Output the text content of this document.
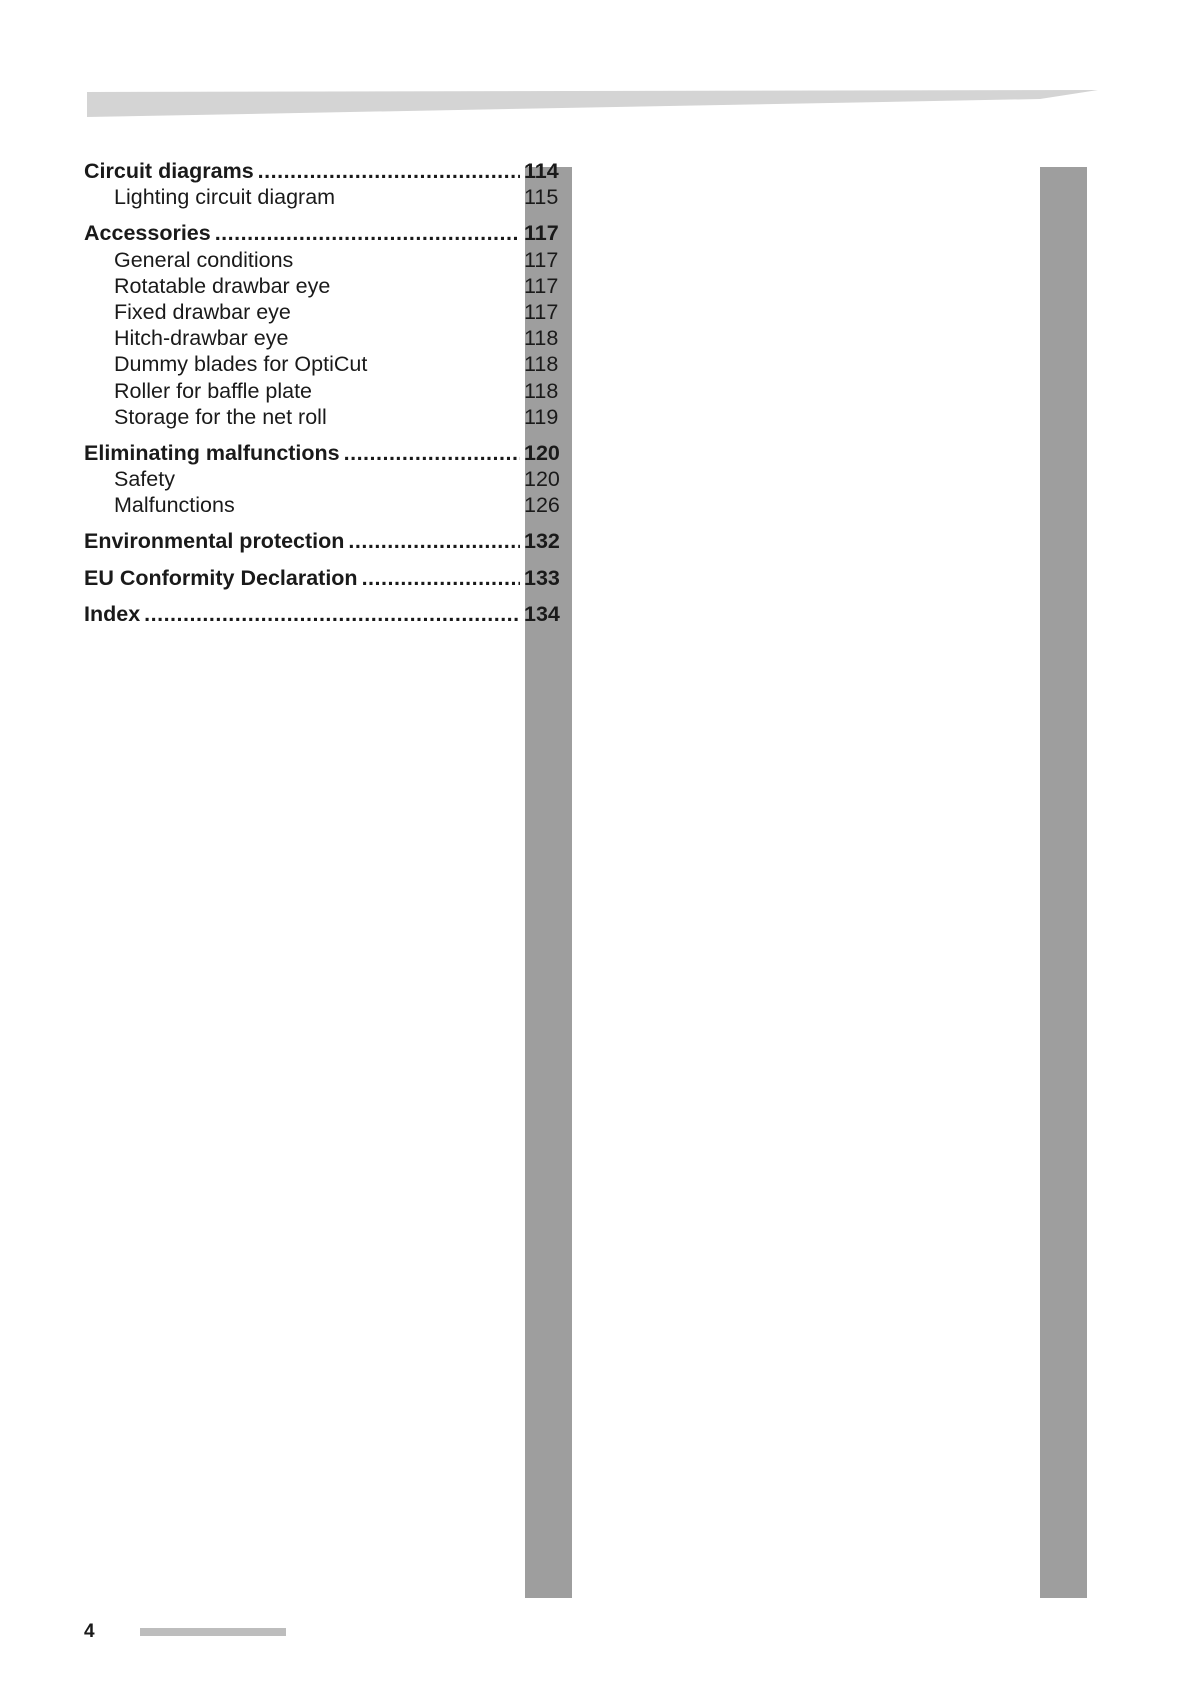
Circuit diagrams .....	114
Lighting circuit diagram	115
Accessories .....	117
General conditions	117
Rotatable drawbar eye	117
Fixed drawbar eye	117
Hitch-drawbar eye	118
Dummy blades for OptiCut	118
Roller for baffle plate	118
Storage for the net roll	119
Eliminating malfunctions .....	120
Safety	120
Malfunctions	126
Environmental protection .....	132
EU Conformity Declaration .....	133
Index .....	134
4
